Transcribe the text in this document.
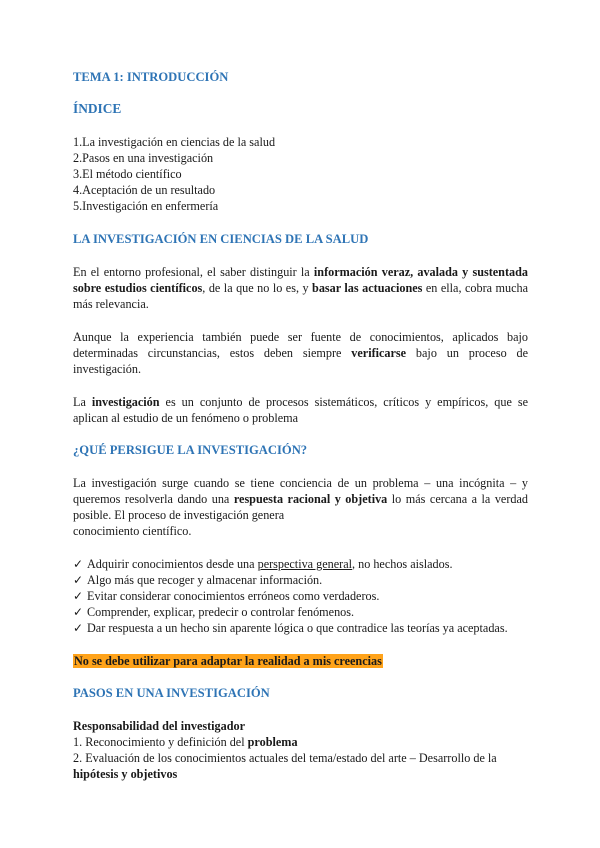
TEMA 1: INTRODUCCIÓN
ÍNDICE
1.La investigación en ciencias de la salud
2.Pasos en una investigación
3.El método científico
4.Aceptación de un resultado
5.Investigación en enfermería
LA INVESTIGACIÓN EN CIENCIAS DE LA SALUD

En el entorno profesional, el saber distinguir la información veraz, avalada y sustentada sobre estudios científicos, de la que no lo es, y basar las actuaciones en ella, cobra mucha más relevancia.

Aunque la experiencia también puede ser fuente de conocimientos, aplicados bajo determinadas circunstancias, estos deben siempre verificarse bajo un proceso de investigación.

La investigación es un conjunto de procesos sistemáticos, críticos y empíricos, que se aplican al estudio de un fenómeno o problema

¿QUÉ PERSIGUE LA INVESTIGACIÓN?

La investigación surge cuando se tiene conciencia de un problema – una incógnita – y queremos resolverla dando una respuesta racional y objetiva lo más cercana a la verdad posible. El proceso de investigación genera
conocimiento científico.

✓ Adquirir conocimientos desde una perspectiva general, no hechos aislados.
✓ Algo más que recoger y almacenar información.
✓ Evitar considerar conocimientos erróneos como verdaderos.
✓ Comprender, explicar, predecir o controlar fenómenos.
✓ Dar respuesta a un hecho sin aparente lógica o que contradice las teorías ya aceptadas.
No se debe utilizar para adaptar la realidad a mis creencias
PASOS EN UNA INVESTIGACIÓN
Responsabilidad del investigador
1. Reconocimiento y definición del problema
2. Evaluación de los conocimientos actuales del tema/estado del arte – Desarrollo de la hipótesis y objetivos
